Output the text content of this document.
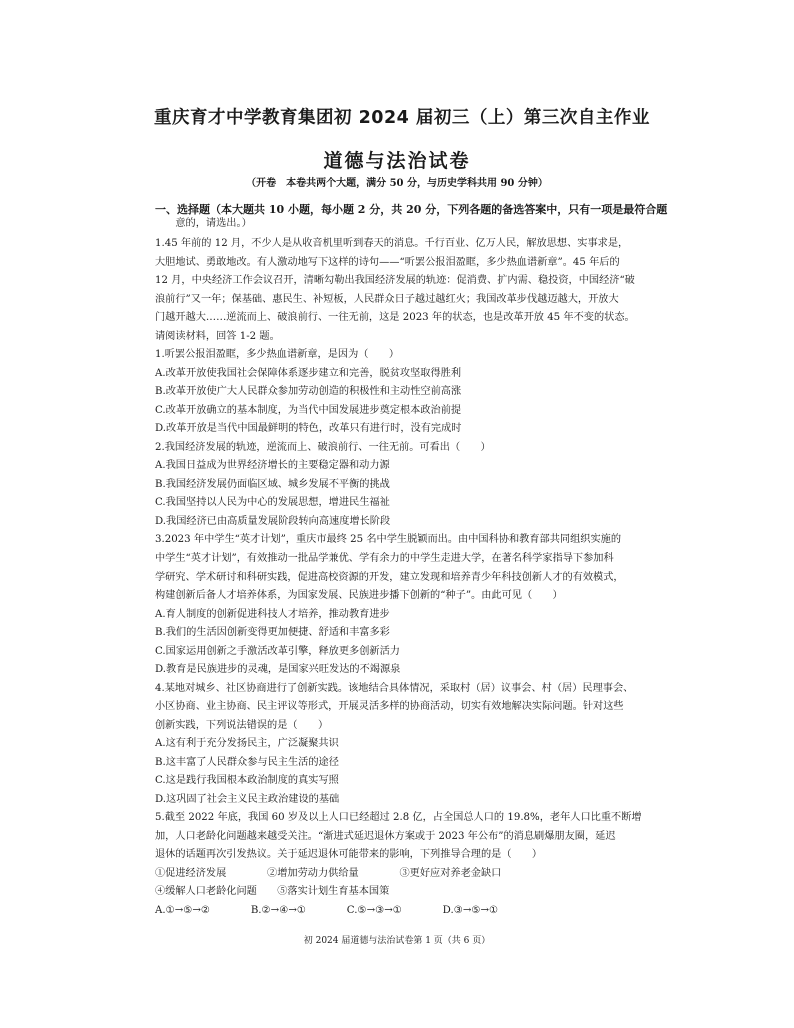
重庆育才中学教育集团初 2024 届初三（上）第三次自主作业
道德与法治试卷
（开卷　本卷共两个大题，满分 50 分，与历史学科共用 90 分钟）
一、选择题（本大题共 10 小题，每小题 2 分，共 20 分，下列各题的备选答案中，只有一项是最符合题
　　意的，请选出。）
1.45 年前的 12 月，不少人是从收音机里听到春天的消息。千行百业、亿万人民，解放思想、实事求是，
大胆地试、勇敢地改。有人激动地写下这样的诗句——“听罢公报泪盈眶，多少热血谱新章”。45 年后的
12 月，中央经济工作会议召开，清晰勾勒出我国经济发展的轨迹：促消费、扩内需、稳投资，中国经济“破
浪前行”又一年；保基础、惠民生、补短板，人民群众日子越过越红火；我国改革步伐越迈越大，开放大
门越开越大……逆流而上、破浪前行、一往无前，这是 2023 年的状态，也是改革开放 45 年不变的状态。
请阅读材料，回答 1-2 题。
1.听罢公报泪盈眶，多少热血谱新章，是因为（　　）
A.改革开放使我国社会保障体系逐步建立和完善，脱贫攻坚取得胜利
B.改革开放使广大人民群众参加劳动创造的积极性和主动性空前高涨
C.改革开放确立的基本制度，为当代中国发展进步奠定根本政治前提
D.改革开放是当代中国最鲜明的特色，改革只有进行时，没有完成时
2.我国经济发展的轨迹，逆流而上、破浪前行、一往无前。可看出（　　）
A.我国日益成为世界经济增长的主要稳定器和动力源
B.我国经济发展仍面临区域、城乡发展不平衡的挑战
C.我国坚持以人民为中心的发展思想，增进民生福祉
D.我国经济已由高质量发展阶段转向高速度增长阶段
3.2023 年中学生“英才计划”，重庆市最终 25 名中学生脱颖而出。由中国科协和教育部共同组织实施的
中学生“英才计划”，有效推动一批品学兼优、学有余力的中学生走进大学，在著名科学家指导下参加科
学研究、学术研讨和科研实践，促进高校资源的开发，建立发现和培养青少年科技创新人才的有效模式，
构建创新后备人才培养体系，为国家发展、民族进步播下创新的“种子”。由此可见（　　）
A.育人制度的创新促进科技人才培养，推动教育进步
B.我们的生活因创新变得更加便捷、舒适和丰富多彩
C.国家运用创新之手激活改革引擎，释放更多创新活力
D.教育是民族进步的灵魂，是国家兴旺发达的不竭源泉
4.某地对城乡、社区协商进行了创新实践。该地结合具体情况，采取村（居）议事会、村（居）民理事会、
小区协商、业主协商、民主评议等形式，开展灵活多样的协商活动，切实有效地解决实际问题。针对这些
创新实践，下列说法错误的是（　　）
A.这有利于充分发扬民主，广泛凝聚共识
B.这丰富了人民群众参与民主生活的途径
C.这是践行我国根本政治制度的真实写照
D.这巩固了社会主义民主政治建设的基础
5.截至 2022 年底，我国 60 岁及以上人口已经超过 2.8 亿，占全国总人口的 19.8%，老年人口比重不断增
加，人口老龄化问题越来越受关注。“渐进式延迟退休方案或于 2023 年公布”的消息刷爆朋友圈，延迟
退休的话题再次引发热议。关于延迟退休可能带来的影响，下列推导合理的是（　　）
①促进经济发展　　　　②增加劳动力供给量　　　　③更好应对养老金缺口
④缓解人口老龄化问题　　⑤落实计划生育基本国策
A.①→⑤→②　　　　B.②→④→①　　　　C.⑤→③→①　　　　D.③→⑤→①
初 2024 届道德与法治试卷第 1 页（共 6 页）
